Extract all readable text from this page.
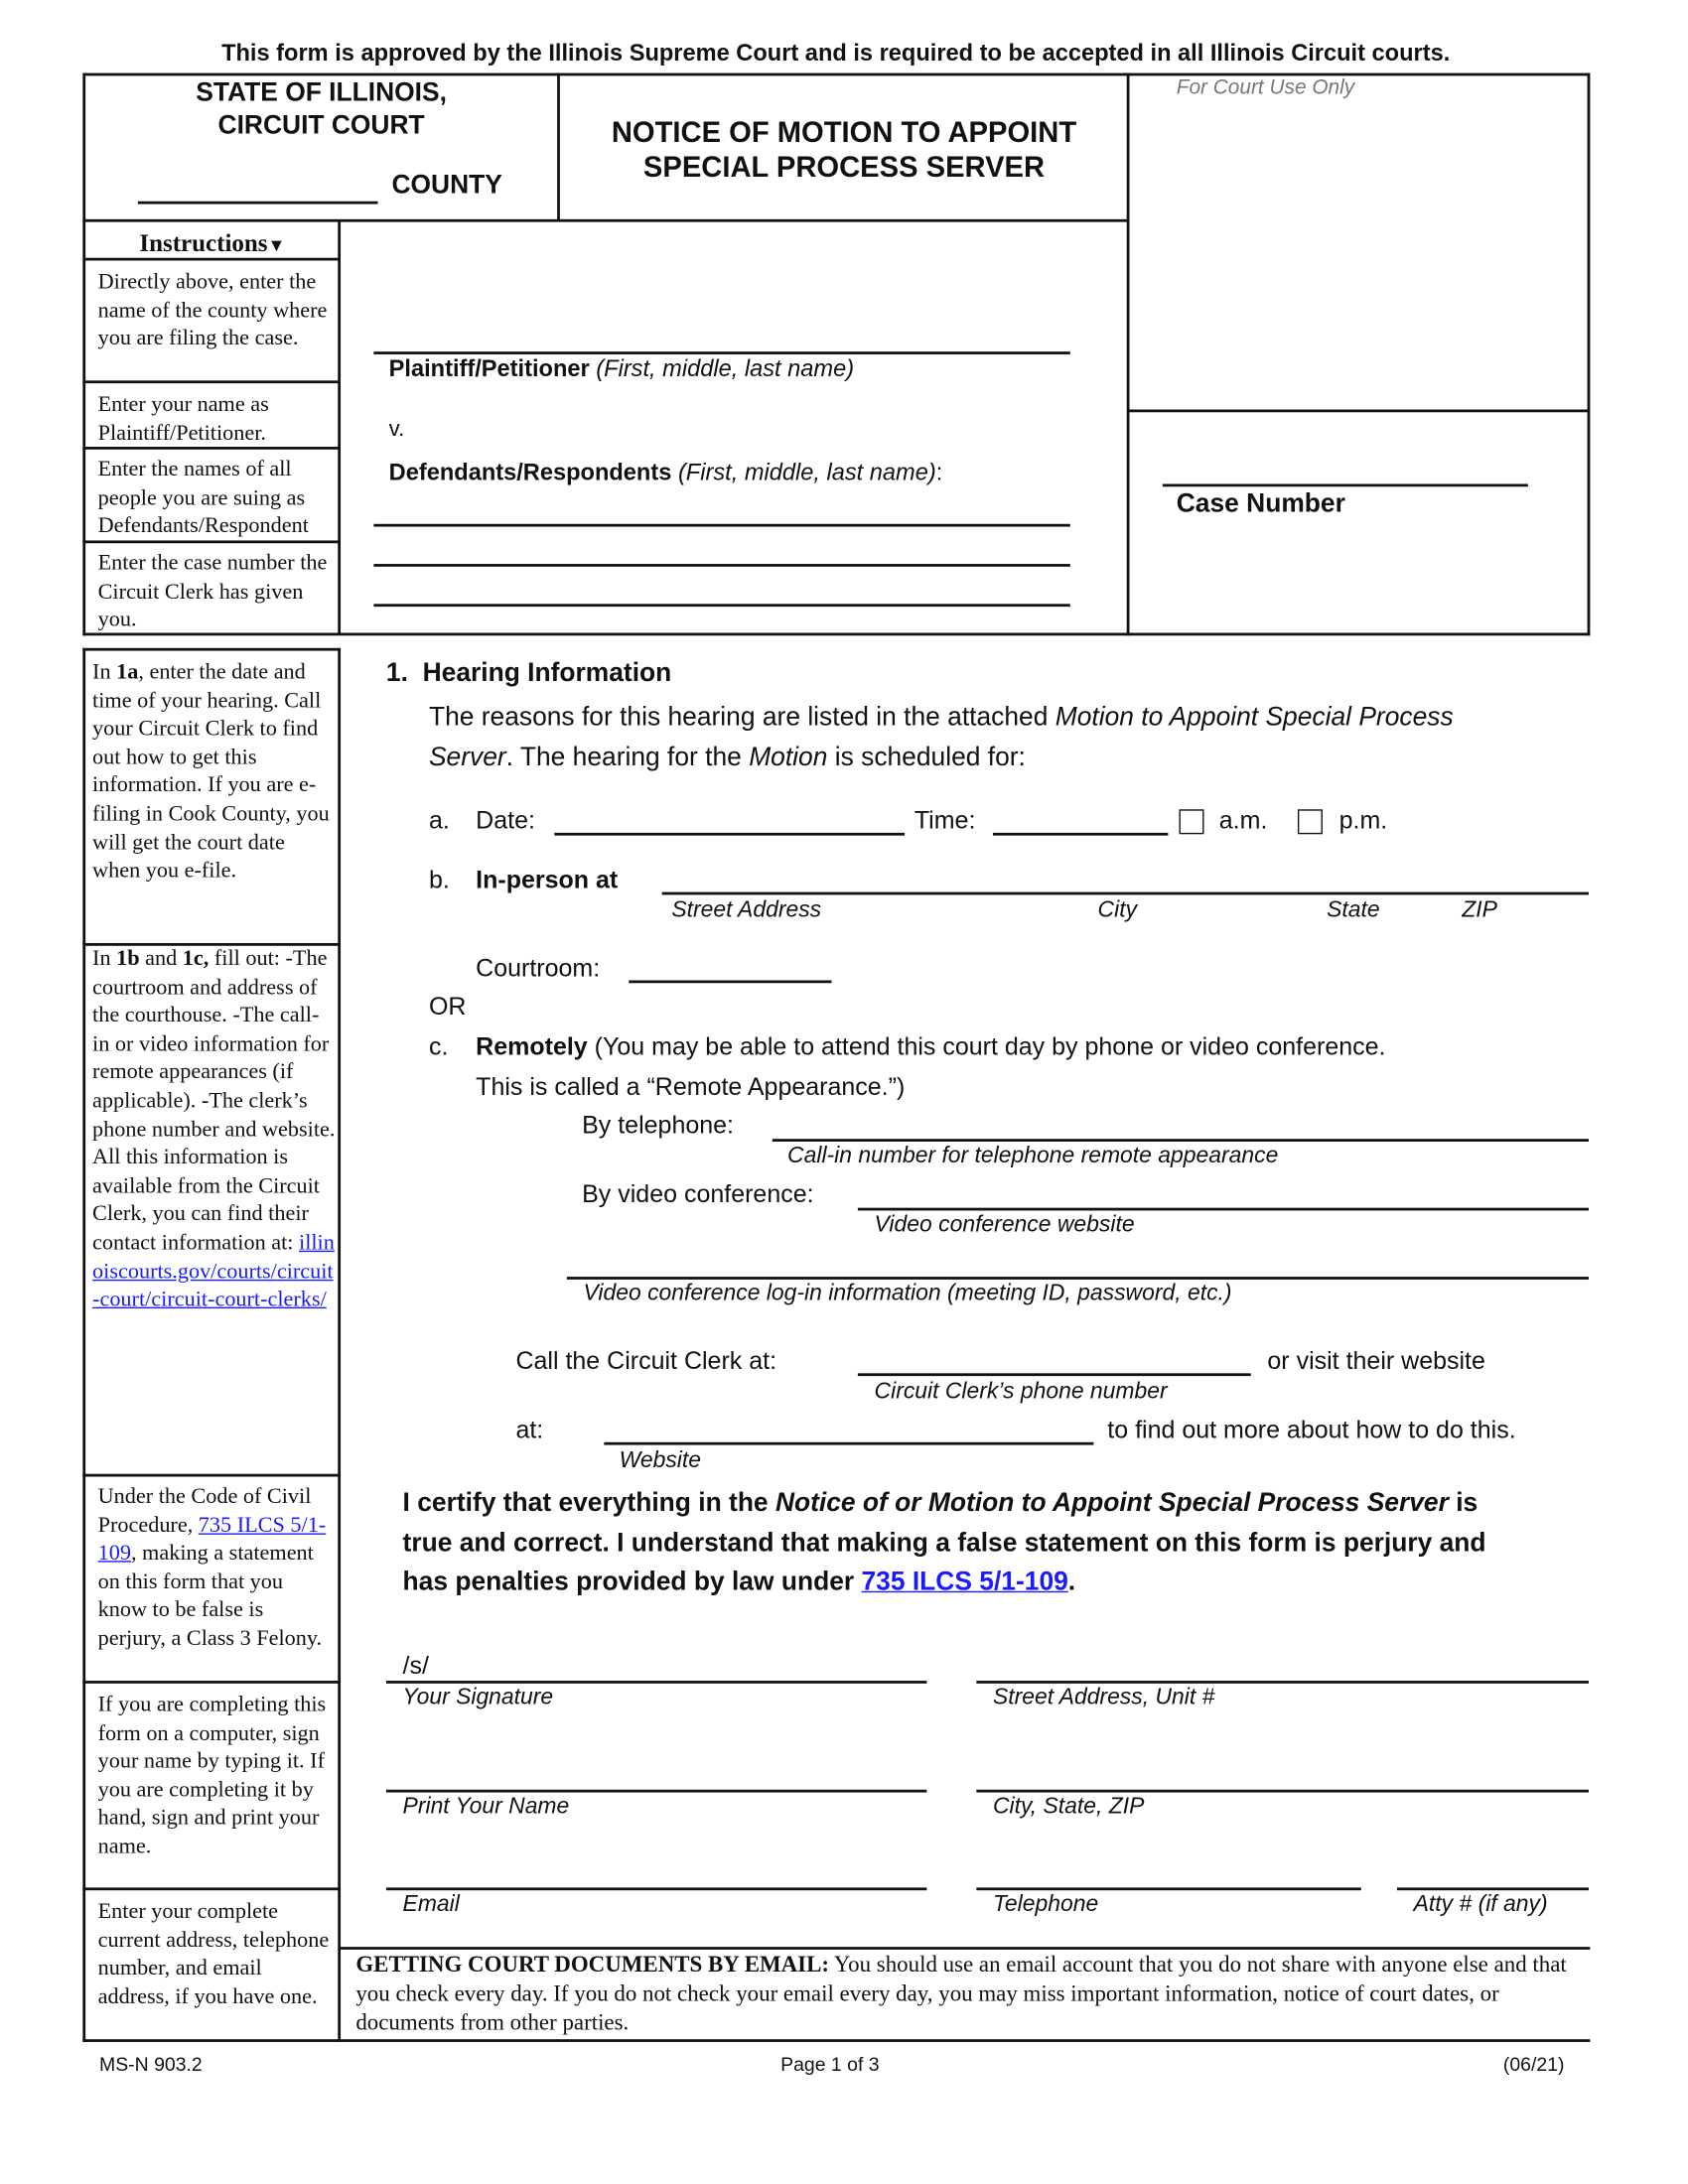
This form is approved by the Illinois Supreme Court and is required to be accepted in all Illinois Circuit courts.
STATE OF ILLINOIS,
CIRCUIT COURT
COUNTY
NOTICE OF MOTION TO APPOINT
SPECIAL PROCESS SERVER
For Court Use Only
Case Number
Plaintiff/Petitioner (First, middle, last name)
v.
Defendants/Respondents (First, middle, last name):
Instructions▼
Directly above, enter the name of the county where you are filing the case.
Enter your name as Plaintiff/Petitioner.
Enter the names of all people you are suing as Defendants/Respondent
Enter the case number the Circuit Clerk has given you.
In 1a, enter the date and time of your hearing. Call your Circuit Clerk to find out how to get this information. If you are e-filing in Cook County, you will get the court date when you e-file.
In 1b and 1c, fill out: -The courtroom and address of the courthouse. -The call-in or video information for remote appearances (if applicable). -The clerk’s phone number and website. All this information is available from the Circuit Clerk, you can find their contact information at: illinoiscourts.gov/courts/circuit-court/circuit-court-clerks/
Under the Code of Civil Procedure, 735 ILCS 5/1-109, making a statement on this form that you know to be false is perjury, a Class 3 Felony.
If you are completing this form on a computer, sign your name by typing it. If you are completing it by hand, sign and print your name.
Enter your complete current address, telephone number, and email address, if you have one.
1. Hearing Information
The reasons for this hearing are listed in the attached Motion to Appoint Special Process
Server. The hearing for the Motion is scheduled for:
a. Date:	Time:	a.m.	p.m.
b. In-person at
Street Address	City	State	ZIP
Courtroom:
OR
c. Remotely (You may be able to attend this court day by phone or video conference.
This is called a “Remote Appearance.”)
By telephone:
Call-in number for telephone remote appearance
By video conference:
Video conference website
Video conference log-in information (meeting ID, password, etc.)
Call the Circuit Clerk at:	or visit their website
Circuit Clerk’s phone number
at:	to find out more about how to do this.
Website
I certify that everything in the Notice of or Motion to Appoint Special Process Server is
true and correct. I understand that making a false statement on this form is perjury and
has penalties provided by law under 735 ILCS 5/1-109.
/s/
Your Signature	Street Address, Unit #
Print Your Name	City, State, ZIP
Email	Telephone	Atty # (if any)
GETTING COURT DOCUMENTS BY EMAIL: You should use an email account that you do not share with anyone else and that you check every day. If you do not check your email every day, you may miss important information, notice of court dates, or documents from other parties.
MS-N 903.2	Page 1 of 3	(06/21)
